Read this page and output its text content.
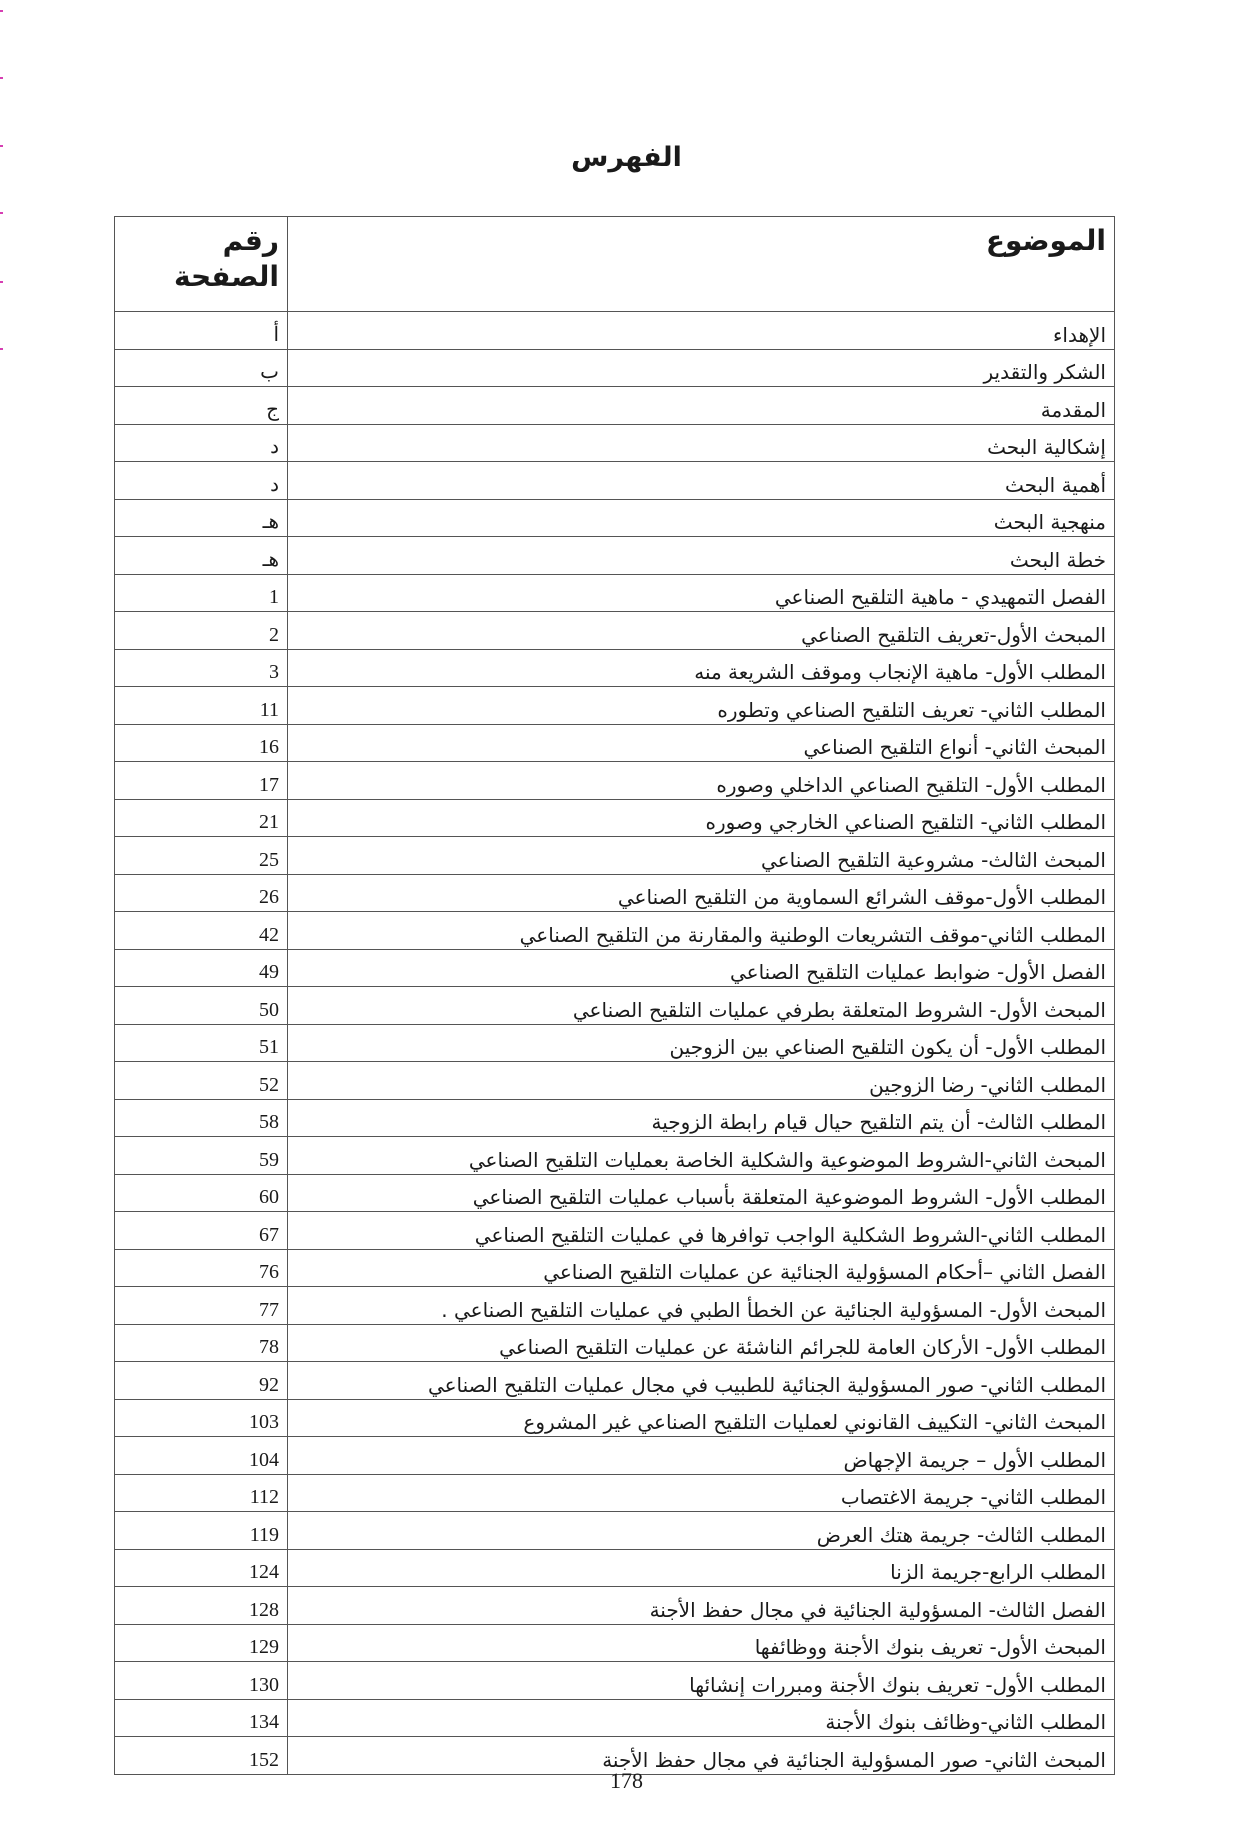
الفهرس
الموضوع	رقم الصفحة
الإهداء	أ
الشكر والتقدير	ب
المقدمة	ج
إشكالية البحث	د
أهمية البحث	د
منهجية البحث	هـ
خطة البحث	هـ
الفصل التمهيدي - ماهية التلقيح الصناعي	1
المبحث الأول-تعريف التلقيح الصناعي	2
المطلب الأول- ماهية الإنجاب وموقف الشريعة منه	3
المطلب الثاني- تعريف التلقيح الصناعي وتطوره	11
المبحث الثاني- أنواع التلقيح الصناعي	16
المطلب الأول- التلقيح الصناعي الداخلي وصوره	17
المطلب الثاني- التلقيح الصناعي الخارجي وصوره	21
المبحث الثالث- مشروعية التلقيح الصناعي	25
المطلب الأول-موقف الشرائع السماوية من التلقيح الصناعي	26
المطلب الثاني-موقف التشريعات الوطنية والمقارنة من التلقيح الصناعي	42
الفصل الأول- ضوابط عمليات التلقيح الصناعي	49
المبحث الأول- الشروط المتعلقة بطرفي عمليات التلقيح الصناعي	50
المطلب الأول- أن يكون التلقيح الصناعي بين الزوجين	51
المطلب الثاني- رضا الزوجين	52
المطلب الثالث- أن يتم التلقيح حيال قيام رابطة الزوجية	58
المبحث الثاني-الشروط الموضوعية والشكلية الخاصة بعمليات التلقيح الصناعي	59
المطلب الأول- الشروط الموضوعية المتعلقة بأسباب عمليات التلقيح الصناعي	60
المطلب الثاني-الشروط الشكلية الواجب توافرها في عمليات التلقيح الصناعي	67
الفصل الثاني –أحكام المسؤولية الجنائية عن عمليات التلقيح الصناعي	76
المبحث الأول- المسؤولية الجنائية عن الخطأ الطبي في عمليات التلقيح الصناعي .	77
المطلب الأول- الأركان العامة للجرائم الناشئة عن عمليات التلقيح الصناعي	78
المطلب الثاني- صور المسؤولية الجنائية للطبيب في مجال عمليات التلقيح الصناعي	92
المبحث الثاني- التكييف القانوني لعمليات التلقيح الصناعي غير المشروع	103
المطلب الأول – جريمة الإجهاض	104
المطلب الثاني- جريمة الاغتصاب	112
المطلب الثالث- جريمة هتك العرض	119
المطلب الرابع-جريمة الزنا	124
الفصل الثالث- المسؤولية الجنائية في مجال حفظ الأجنة	128
المبحث الأول- تعريف بنوك الأجنة ووظائفها	129
المطلب الأول- تعريف بنوك الأجنة ومبررات إنشائها	130
المطلب الثاني-وظائف بنوك الأجنة	134
المبحث الثاني- صور المسؤولية الجنائية في مجال حفظ الأجنة	152
178
